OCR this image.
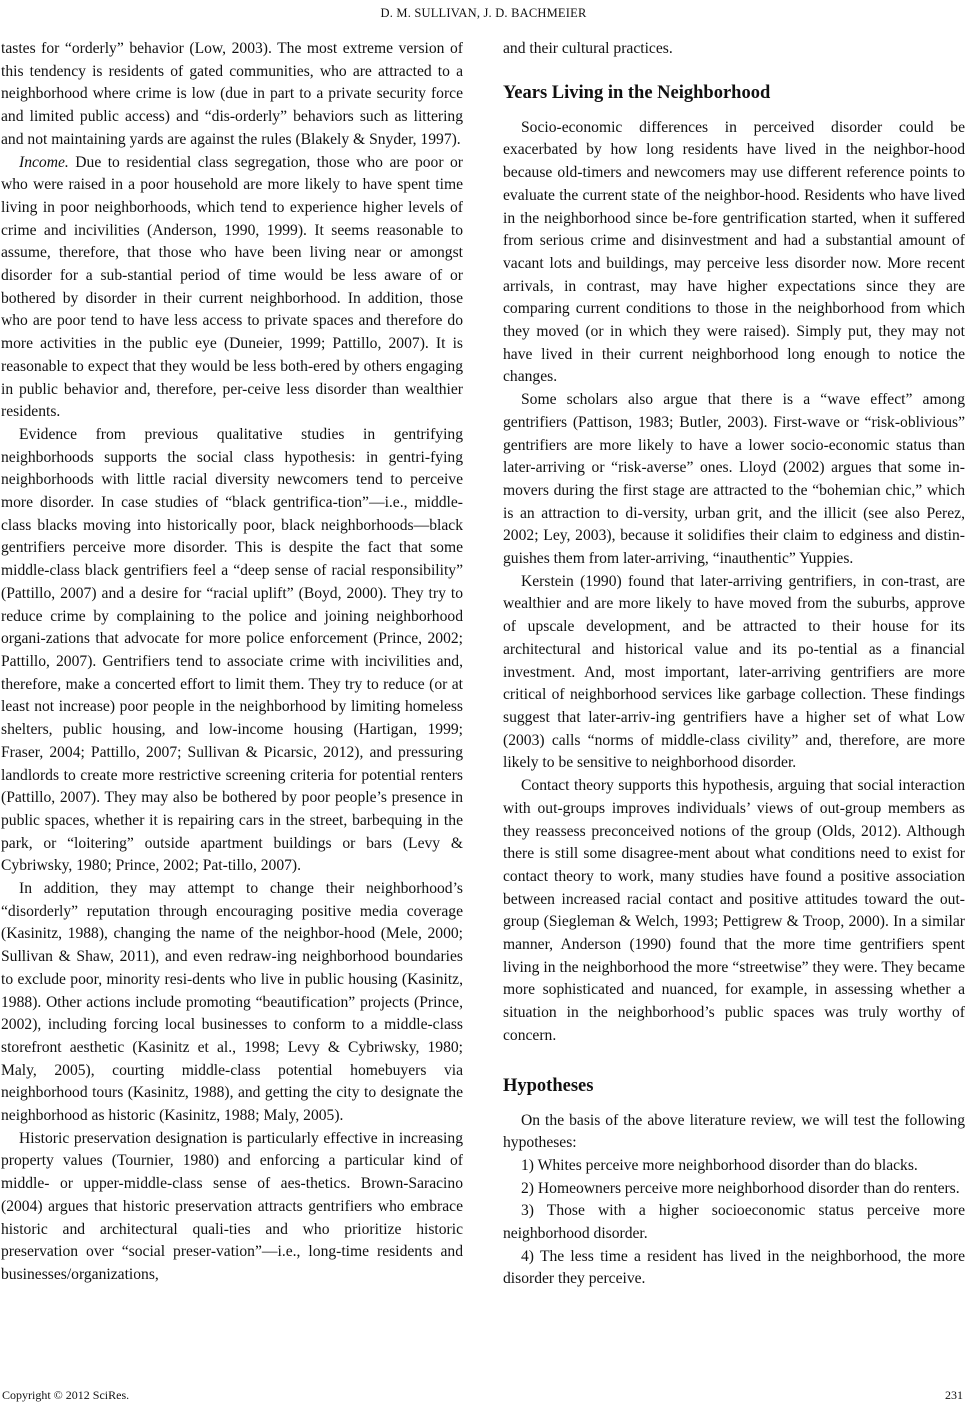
D. M. SULLIVAN, J. D. BACHMEIER

tastes for “orderly” behavior (Low, 2003). The most extreme version of this tendency is residents of gated communities, who are attracted to a neighborhood where crime is low (due in part to a private security force and limited public access) and “dis-orderly” behaviors such as littering and not maintaining yards are against the rules (Blakely & Snyder, 1997).

Income. Due to residential class segregation, those who are poor or who were raised in a poor household are more likely to have spent time living in poor neighborhoods, which tend to experience higher levels of crime and incivilities (Anderson, 1990, 1999). It seems reasonable to assume, therefore, that those who have been living near or amongst disorder for a sub-stantial period of time would be less aware of or bothered by disorder in their current neighborhood. In addition, those who are poor tend to have less access to private spaces and therefore do more activities in the public eye (Duneier, 1999; Pattillo, 2007). It is reasonable to expect that they would be less both-ered by others engaging in public behavior and, therefore, per-ceive less disorder than wealthier residents.

Evidence from previous qualitative studies in gentrifying neighborhoods supports the social class hypothesis: in gentri-fying neighborhoods with little racial diversity newcomers tend to perceive more disorder. In case studies of “black gentrifica-tion”—i.e., middle-class blacks moving into historically poor, black neighborhoods—black gentrifiers perceive more disorder. This is despite the fact that some middle-class black gentrifiers feel a “deep sense of racial responsibility” (Pattillo, 2007) and a desire for “racial uplift” (Boyd, 2000). They try to reduce crime by complaining to the police and joining neighborhood organi-zations that advocate for more police enforcement (Prince, 2002; Pattillo, 2007). Gentrifiers tend to associate crime with incivilities and, therefore, make a concerted effort to limit them. They try to reduce (or at least not increase) poor people in the neighborhood by limiting homeless shelters, public housing, and low-income housing (Hartigan, 1999; Fraser, 2004; Pattillo, 2007; Sullivan & Picarsic, 2012), and pressuring landlords to create more restrictive screening criteria for potential renters (Pattillo, 2007). They may also be bothered by poor people’s presence in public spaces, whether it is repairing cars in the street, barbequing in the park, or “loitering” outside apartment buildings or bars (Levy & Cybriwsky, 1980; Prince, 2002; Pat-tillo, 2007).

In addition, they may attempt to change their neighborhood’s “disorderly” reputation through encouraging positive media coverage (Kasinitz, 1988), changing the name of the neighbor-hood (Mele, 2000; Sullivan & Shaw, 2011), and even redraw-ing neighborhood boundaries to exclude poor, minority resi-dents who live in public housing (Kasinitz, 1988). Other actions include promoting “beautification” projects (Prince, 2002), including forcing local businesses to conform to a middle-class storefront aesthetic (Kasinitz et al., 1998; Levy & Cybriwsky, 1980; Maly, 2005), courting middle-class potential homebuyers via neighborhood tours (Kasinitz, 1988), and getting the city to designate the neighborhood as historic (Kasinitz, 1988; Maly, 2005).

Historic preservation designation is particularly effective in increasing property values (Tournier, 1980) and enforcing a particular kind of middle- or upper-middle-class sense of aes-thetics. Brown-Saracino (2004) argues that historic preservation attracts gentrifiers who embrace historic and architectural quali-ties and who prioritize historic preservation over “social preser-vation”—i.e., long-time residents and businesses/organizations,

and their cultural practices.

Years Living in the Neighborhood

Socio-economic differences in perceived disorder could be exacerbated by how long residents have lived in the neighbor-hood because old-timers and newcomers may use different reference points to evaluate the current state of the neighbor-hood. Residents who have lived in the neighborhood since be-fore gentrification started, when it suffered from serious crime and disinvestment and had a substantial amount of vacant lots and buildings, may perceive less disorder now. More recent arrivals, in contrast, may have higher expectations since they are comparing current conditions to those in the neighborhood from which they moved (or in which they were raised). Simply put, they may not have lived in their current neighborhood long enough to notice the changes.

Some scholars also argue that there is a “wave effect” among gentrifiers (Pattison, 1983; Butler, 2003). First-wave or “risk-oblivious” gentrifiers are more likely to have a lower socio-economic status than later-arriving or “risk-averse” ones. Lloyd (2002) argues that some in-movers during the first stage are attracted to the “bohemian chic,” which is an attraction to di-versity, urban grit, and the illicit (see also Perez, 2002; Ley, 2003), because it solidifies their claim to edginess and distin-guishes them from later-arriving, “inauthentic” Yuppies.

Kerstein (1990) found that later-arriving gentrifiers, in con-trast, are wealthier and are more likely to have moved from the suburbs, approve of upscale development, and be attracted to their house for its architectural and historical value and its po-tential as a financial investment. And, most important, later-arriving gentrifiers are more critical of neighborhood services like garbage collection. These findings suggest that later-arriv-ing gentrifiers have a higher set of what Low (2003) calls “norms of middle-class civility” and, therefore, are more likely to be sensitive to neighborhood disorder.

Contact theory supports this hypothesis, arguing that social interaction with out-groups improves individuals’ views of out-group members as they reassess preconceived notions of the group (Olds, 2012). Although there is still some disagree-ment about what conditions need to exist for contact theory to work, many studies have found a positive association between increased racial contact and positive attitudes toward the out-group (Siegleman & Welch, 1993; Pettigrew & Troop, 2000). In a similar manner, Anderson (1990) found that the more time gentrifiers spent living in the neighborhood the more “streetwise” they were. They became more sophisticated and nuanced, for example, in assessing whether a situation in the neighborhood’s public spaces was truly worthy of concern.

Hypotheses

On the basis of the above literature review, we will test the following hypotheses:

1) Whites perceive more neighborhood disorder than do blacks.

2) Homeowners perceive more neighborhood disorder than do renters.

3) Those with a higher socioeconomic status perceive more neighborhood disorder.

4) The less time a resident has lived in the neighborhood, the more disorder they perceive.

Copyright © 2012 SciRes.	231
